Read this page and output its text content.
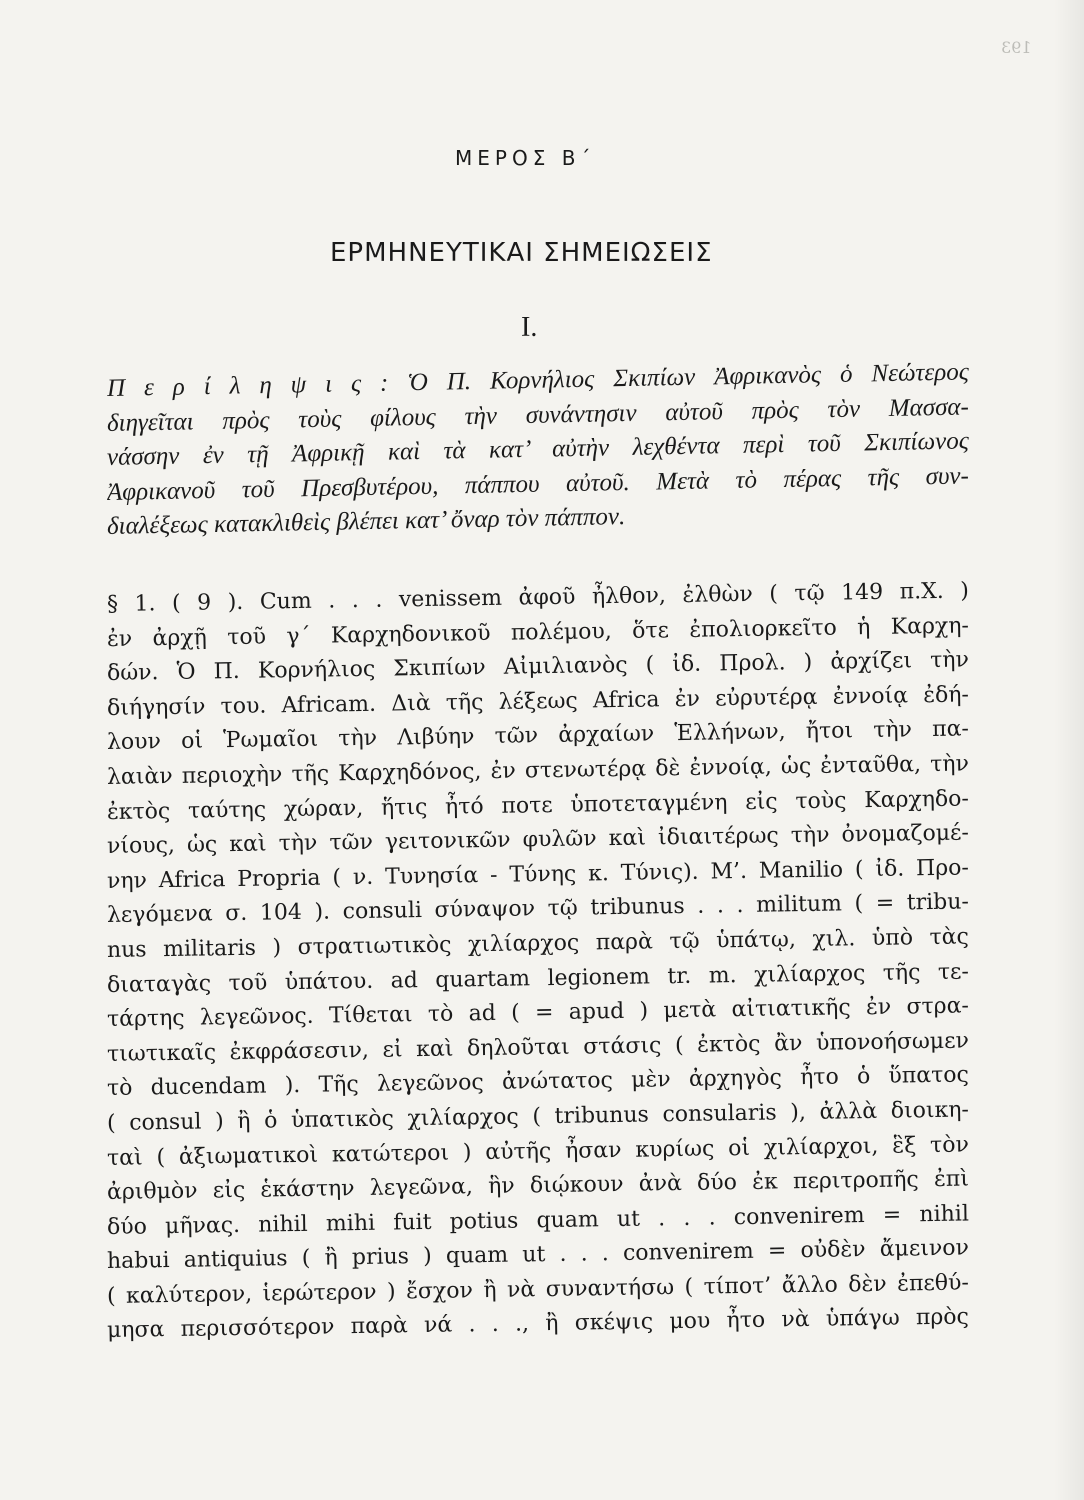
193
ΜΕΡΟΣ Β΄
ΕΡΜΗΝΕΥΤΙΚΑΙ ΣΗΜΕΙΩΣΕΙΣ
Ι.
Π ε ρ ί λ η ψ ι ς : Ὁ Π. Κορνήλιος Σκιπίων Ἀφρικανὸς ὁ Νεώτερος
διηγεῖται πρὸς τοὺς φίλους τὴν συνάντησιν αὐτοῦ πρὸς τὸν Μασσα-
νάσσην ἐν τῇ Ἀφρικῇ καὶ τὰ κατ’ αὐτὴν λεχθέντα περὶ τοῦ Σκιπίωνος
Ἀφρικανοῦ τοῦ Πρεσβυτέρου, πάππου αὐτοῦ. Μετὰ τὸ πέρας τῆς συν-
διαλέξεως κατακλιθεὶς βλέπει κατ’ ὄναρ τὸν πάππον.
§ 1. ( 9 ). Cum . . . venissem ἀφοῦ ἦλθον, ἐλθὼν ( τῷ 149 π.Χ. )
ἐν ἀρχῇ τοῦ γ΄ Καρχηδονικοῦ πολέμου, ὅτε ἐπολιορκεῖτο ἡ Καρχη-
δών. Ὁ Π. Κορνήλιος Σκιπίων Αἰμιλιανὸς ( ἰδ. Προλ. ) ἀρχίζει τὴν
διήγησίν του. Africam. Διὰ τῆς λέξεως Africa ἐν εὐρυτέρᾳ ἐννοίᾳ ἐδή-
λουν οἱ Ῥωμαῖοι τὴν Λιβύην τῶν ἀρχαίων Ἑλλήνων, ἤτοι τὴν πα-
λαιὰν περιοχὴν τῆς Καρχηδόνος, ἐν στενωτέρᾳ δὲ ἐννοίᾳ, ὡς ἐνταῦθα, τὴν
ἐκτὸς ταύτης χώραν, ἥτις ἦτό ποτε ὑποτεταγμένη εἰς τοὺς Καρχηδο-
νίους, ὡς καὶ τὴν τῶν γειτονικῶν φυλῶν καὶ ἰδιαιτέρως τὴν ὀνομαζομέ-
νην Africa Propria ( ν. Τυνησία - Τύνης κ. Τύνις). Μ’. Manilio ( ἰδ. Προ-
λεγόμενα σ. 104 ). consuli σύναψον τῷ tribunus . . . militum ( = tribu-
nus militaris ) στρατιωτικὸς χιλίαρχος παρὰ τῷ ὑπάτῳ, χιλ. ὑπὸ τὰς
διαταγὰς τοῦ ὑπάτου. ad quartam legionem tr. m. χιλίαρχος τῆς τε-
τάρτης λεγεῶνος. Τίθεται τὸ ad ( = apud ) μετὰ αἰτιατικῆς ἐν στρα-
τιωτικαῖς ἐκφράσεσιν, εἰ καὶ δηλοῦται στάσις ( ἐκτὸς ἂν ὑπονοήσωμεν
τὸ ducendam ). Τῆς λεγεῶνος ἀνώτατος μὲν ἀρχηγὸς ἦτο ὁ ὕπατος
( consul ) ἢ ὁ ὑπατικὸς χιλίαρχος ( tribunus consularis ), ἀλλὰ διοικη-
ταὶ ( ἀξιωματικοὶ κατώτεροι ) αὐτῆς ἦσαν κυρίως οἱ χιλίαρχοι, ἓξ τὸν
ἀριθμὸν εἰς ἑκάστην λεγεῶνα, ἣν διῴκουν ἀνὰ δύο ἐκ περιτροπῆς ἐπὶ
δύο μῆνας. nihil mihi fuit potius quam ut . . . convenirem = nihil
habui antiquius ( ἢ prius ) quam ut . . . convenirem = οὐδὲν ἄμεινον
( καλύτερον, ἱερώτερον ) ἔσχον ἢ νὰ συναντήσω ( τίποτ’ ἄλλο δὲν ἐπεθύ-
μησα περισσότερον παρὰ νά . . ., ἢ σκέψις μου ἦτο νὰ ὑπάγω πρὸς
